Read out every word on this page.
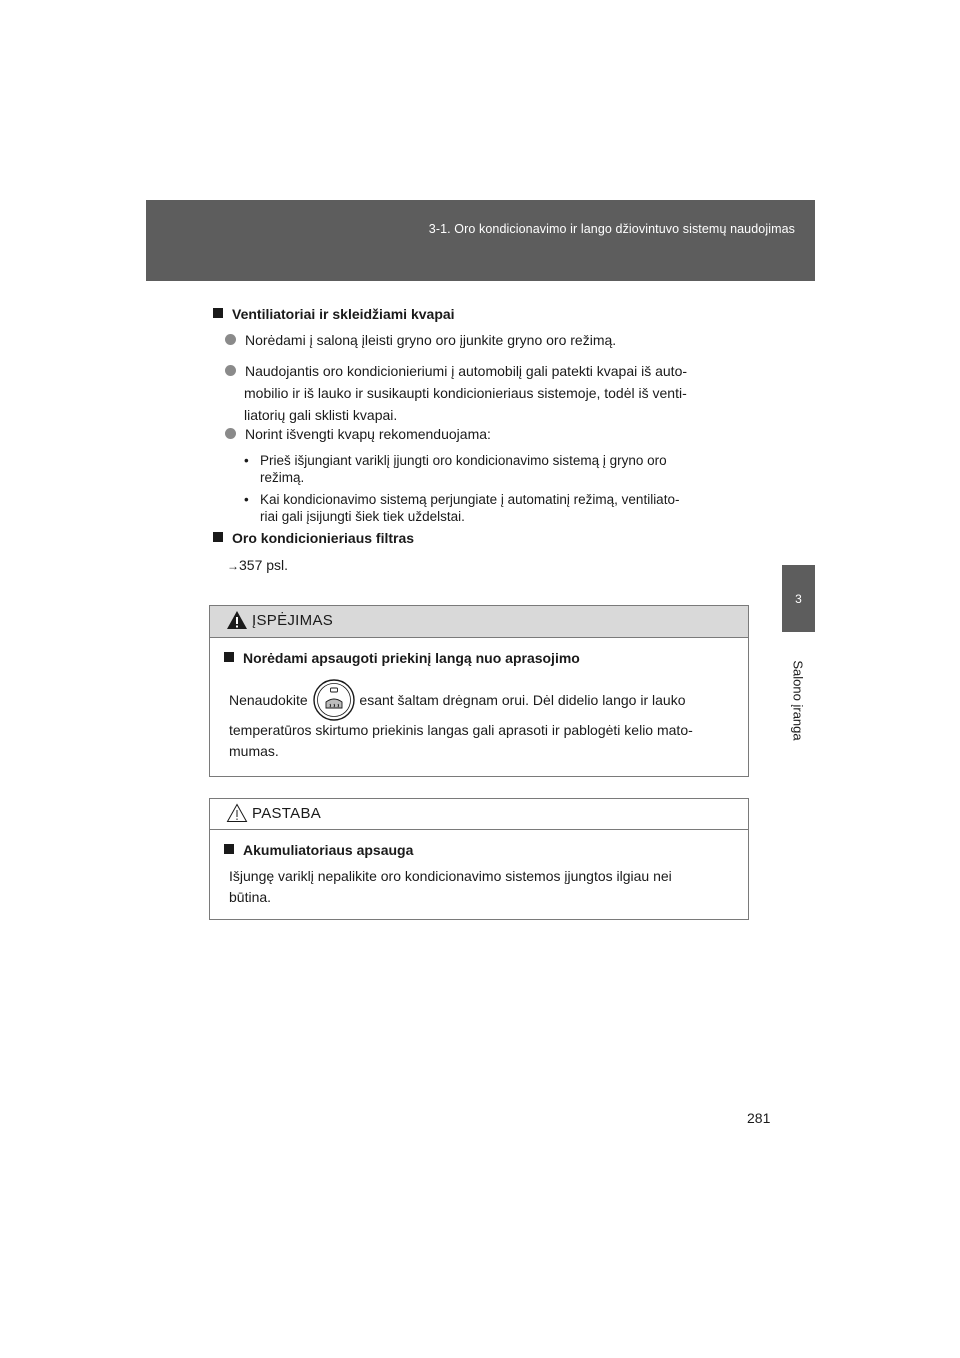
3-1. Oro kondicionavimo ir lango džiovintuvo sistemų naudojimas
3
Salono įranga
Ventiliatoriai ir skleidžiami kvapai
Norėdami į saloną įleisti gryno oro įjunkite gryno oro režimą.
Naudojantis oro kondicionieriumi į automobilį gali patekti kvapai iš auto-
mobilio ir iš lauko ir susikaupti kondicionieriaus sistemoje, todėl iš venti-
liatorių gali sklisti kvapai.
Norint išvengti kvapų rekomenduojama:
• Prieš išjungiant variklį įjungti oro kondicionavimo sistemą į gryno oro
režimą.
• Kai kondicionavimo sistemą perjungiate į automatinį režimą, ventiliato-
riai gali įsijungti šiek tiek uždelstai.
Oro kondicionieriaus filtras
→357 psl.
ĮSPĖJIMAS
Norėdami apsaugoti priekinį langą nuo aprasojimo
Nenaudokite	esant šaltam drėgnam orui. Dėl didelio lango ir lauko
temperatūros skirtumo priekinis langas gali aprasoti ir pablogėti kelio mato-
mumas.
PASTABA
Akumuliatoriaus apsauga
Išjungę variklį nepalikite oro kondicionavimo sistemos įjungtos ilgiau nei
būtina.
281
